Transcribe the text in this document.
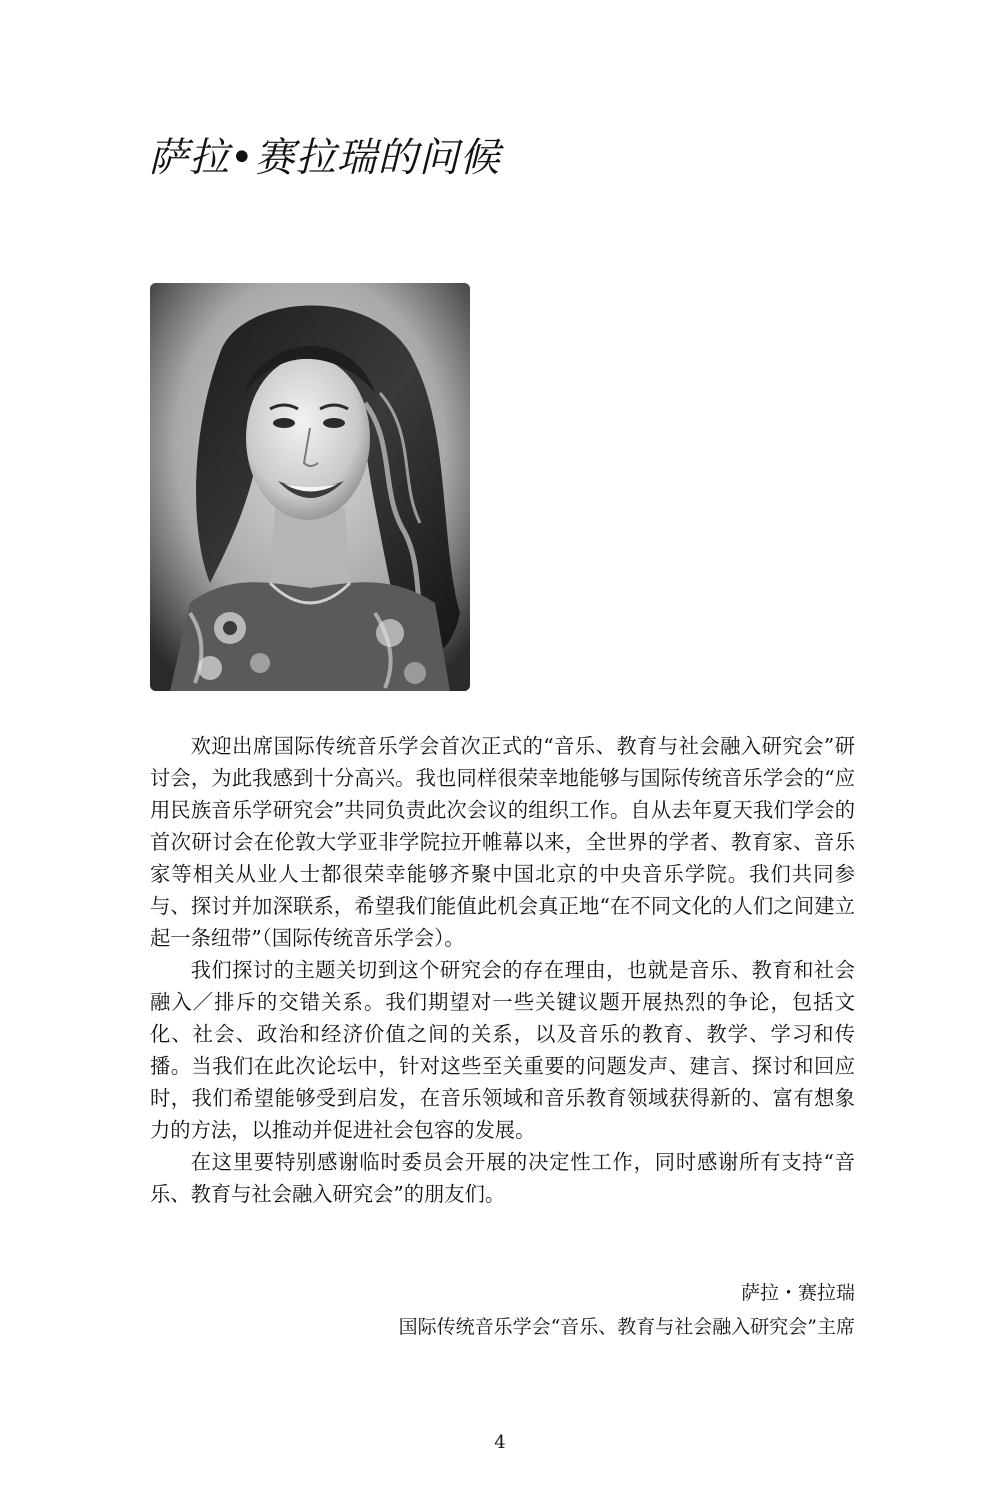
萨拉•赛拉瑞的问候

欢迎出席国际传统音乐学会首次正式的“音乐、教育与社会融入研究会”研讨会，为此我感到十分高兴。我也同样很荣幸地能够与国际传统音乐学会的“应用民族音乐学研究会”共同负责此次会议的组织工作。自从去年夏天我们学会的首次研讨会在伦敦大学亚非学院拉开帷幕以来，全世界的学者、教育家、音乐家等相关从业人士都很荣幸能够齐聚中国北京的中央音乐学院。我们共同参与、探讨并加深联系，希望我们能值此机会真正地“在不同文化的人们之间建立起一条纽带”（国际传统音乐学会）。

我们探讨的主题关切到这个研究会的存在理由，也就是音乐、教育和社会融入／排斥的交错关系。我们期望对一些关键议题开展热烈的争论，包括文化、社会、政治和经济价值之间的关系，以及音乐的教育、教学、学习和传播。当我们在此次论坛中，针对这些至关重要的问题发声、建言、探讨和回应时，我们希望能够受到启发，在音乐领域和音乐教育领域获得新的、富有想象力的方法，以推动并促进社会包容的发展。

在这里要特别感谢临时委员会开展的决定性工作，同时感谢所有支持“音乐、教育与社会融入研究会”的朋友们。

萨拉・赛拉瑞
国际传统音乐学会“音乐、教育与社会融入研究会”主席
4
